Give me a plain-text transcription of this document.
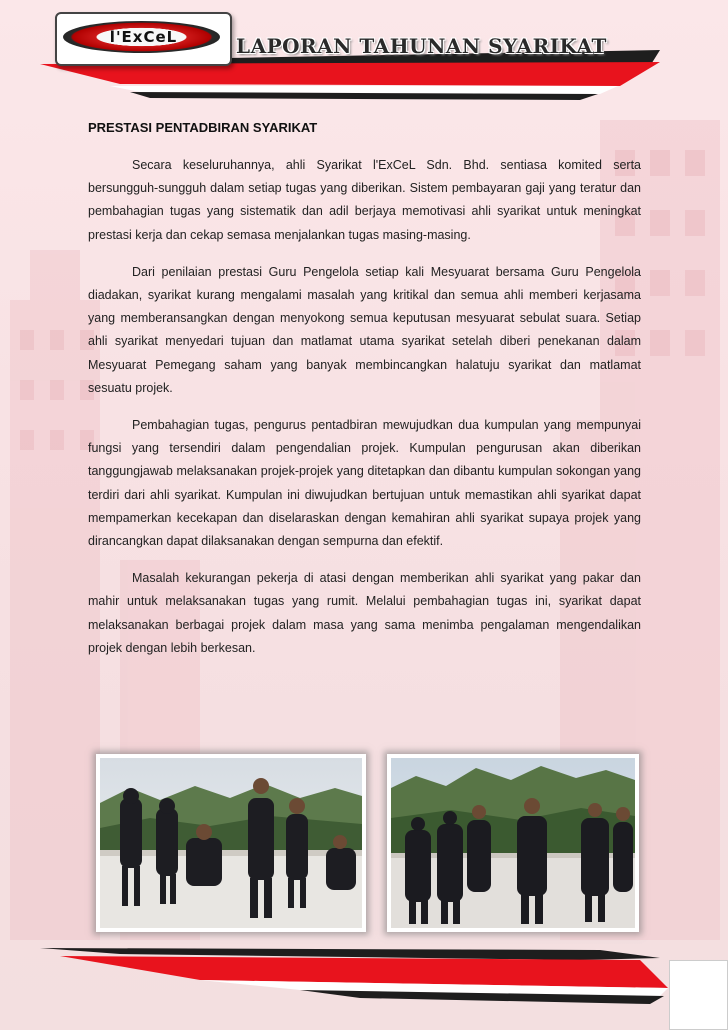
l'ExCeL	LAPORAN TAHUNAN SYARIKAT
PRESTASI PENTADBIRAN SYARIKAT

Secara keseluruhannya, ahli Syarikat l'ExCeL Sdn. Bhd. sentiasa komited serta bersungguh-sungguh dalam setiap tugas yang diberikan. Sistem pembayaran gaji yang teratur dan pembahagian tugas yang sistematik dan adil berjaya memotivasi ahli syarikat untuk meningkat prestasi kerja dan cekap semasa menjalankan tugas masing-masing.

Dari penilaian prestasi Guru Pengelola setiap kali Mesyuarat bersama Guru Pengelola diadakan, syarikat kurang mengalami masalah yang kritikal dan semua ahli memberi kerjasama yang memberansangkan dengan menyokong semua keputusan mesyuarat sebulat suara. Setiap ahli syarikat menyedari tujuan dan matlamat utama syarikat setelah diberi penekanan dalam Mesyuarat Pemegang saham yang banyak membincangkan halatuju syarikat dan matlamat sesuatu projek.

Pembahagian tugas, pengurus pentadbiran mewujudkan dua kumpulan yang mempunyai fungsi yang tersendiri dalam pengendalian projek. Kumpulan pengurusan akan diberikan tanggungjawab melaksanakan projek-projek yang ditetapkan dan dibantu kumpulan sokongan yang terdiri dari ahli syarikat. Kumpulan ini diwujudkan bertujuan untuk memastikan ahli syarikat dapat mempamerkan kecekapan dan diselaraskan dengan kemahiran ahli syarikat supaya projek yang dirancangkan dapat dilaksanakan dengan sempurna dan efektif.

Masalah kekurangan pekerja di atasi dengan memberikan ahli syarikat yang pakar dan mahir untuk melaksanakan tugas yang rumit. Melalui pembahagian tugas ini, syarikat dapat melaksanakan berbagai projek dalam masa yang sama menimba pengalaman mengendalikan projek dengan lebih berkesan.
